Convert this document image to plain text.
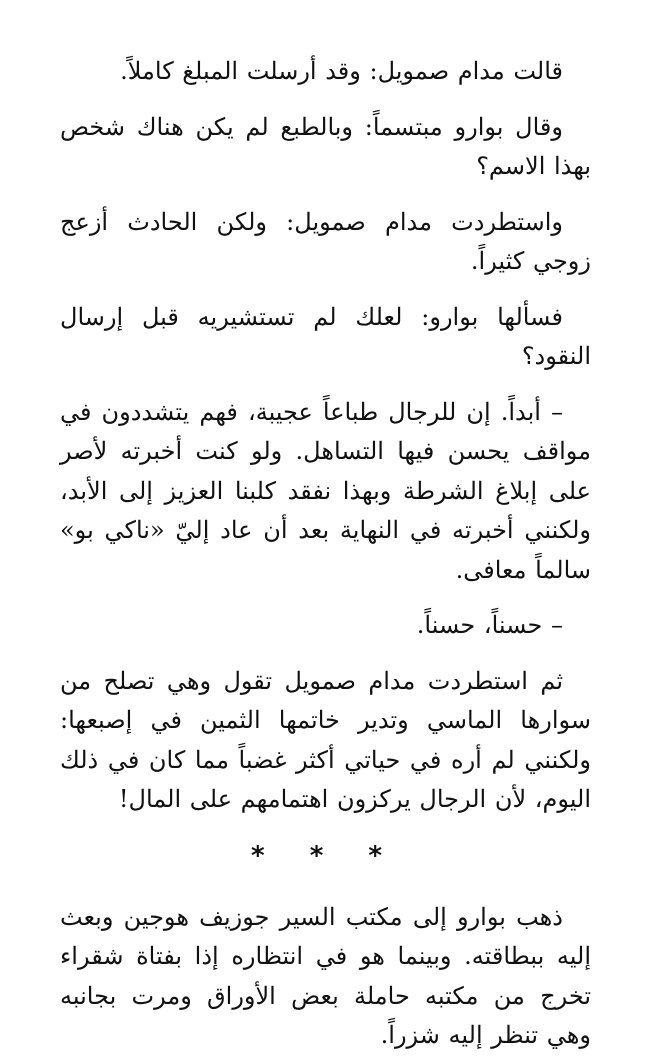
قالت مدام صمويل: وقد أرسلت المبلغ كاملاً.

وقال بوارو مبتسماً: وبالطبع لم يكن هناك شخص بهذا الاسم؟

واستطردت مدام صمويل: ولكن الحادث أزعج زوجي كثيراً.

فسألها بوارو: لعلك لم تستشيريه قبل إرسال النقود؟

– أبداً. إن للرجال طباعاً عجيبة، فهم يتشددون في مواقف يحسن فيها التساهل. ولو كنت أخبرته لأصر على إبلاغ الشرطة وبهذا نفقد كلبنا العزيز إلى الأبد، ولكنني أخبرته في النهاية بعد أن عاد إليّ «ناكي بو» سالماً معافى.

– حسناً، حسناً.

ثم استطردت مدام صمويل تقول وهي تصلح من سوارها الماسي وتدير خاتمها الثمين في إصبعها: ولكنني لم أره في حياتي أكثر غضباً مما كان في ذلك اليوم، لأن الرجال يركزون اهتمامهم على المال!

* * *

ذهب بوارو إلى مكتب السير جوزيف هوجين وبعث إليه ببطاقته. وبينما هو في انتظاره إذا بفتاة شقراء تخرج من مكتبه حاملة بعض الأوراق ومرت بجانبه وهي تنظر إليه شزراً.
